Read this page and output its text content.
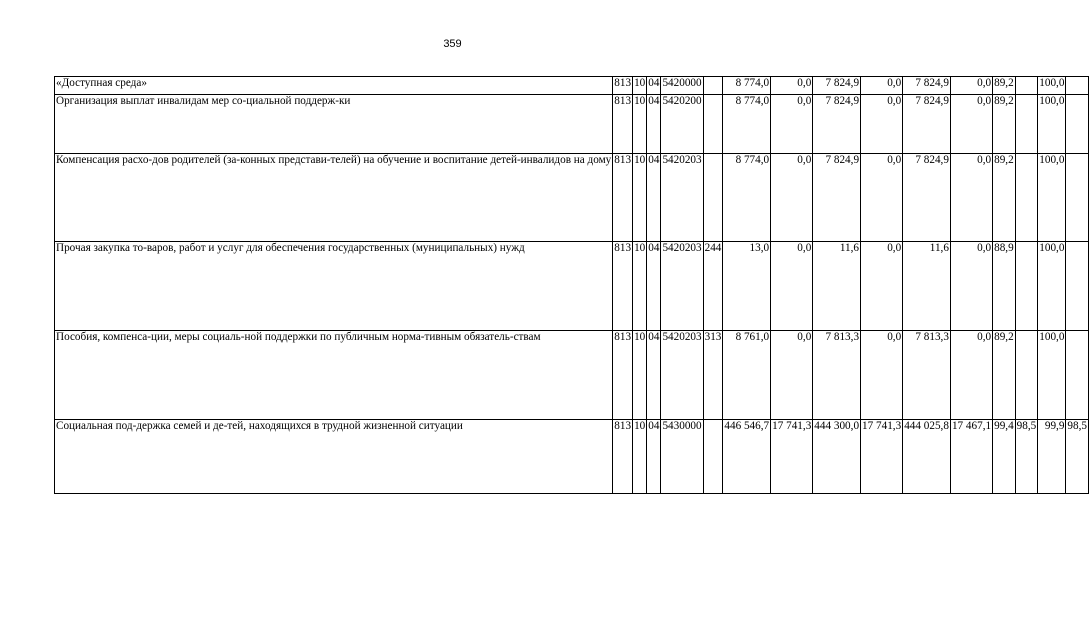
359
«Доступная среда»	813	10	04	5420000		8 774,0	0,0	7 824,9	0,0	7 824,9	0,0	89,2		100,0	
Организация выплат инвалидам мер со-циальной поддерж-ки	813	10	04	5420200		8 774,0	0,0	7 824,9	0,0	7 824,9	0,0	89,2		100,0	
Компенсация расхо-дов родителей (за-конных представи-телей) на обучение и воспитание детей-инвалидов на дому	813	10	04	5420203		8 774,0	0,0	7 824,9	0,0	7 824,9	0,0	89,2		100,0	
Прочая закупка то-варов, работ и услуг для обеспечения государственных (муниципальных) нужд	813	10	04	5420203	244	13,0	0,0	11,6	0,0	11,6	0,0	88,9		100,0	
Пособия, компенса-ции, меры социаль-ной поддержки по публичным норма-тивным обязатель-ствам	813	10	04	5420203	313	8 761,0	0,0	7 813,3	0,0	7 813,3	0,0	89,2		100,0	
Социальная под-держка семей и де-тей, находящихся в трудной жизненной ситуации	813	10	04	5430000		446 546,7	17 741,3	444 300,0	17 741,3	444 025,8	17 467,1	99,4	98,5	99,9	98,5
